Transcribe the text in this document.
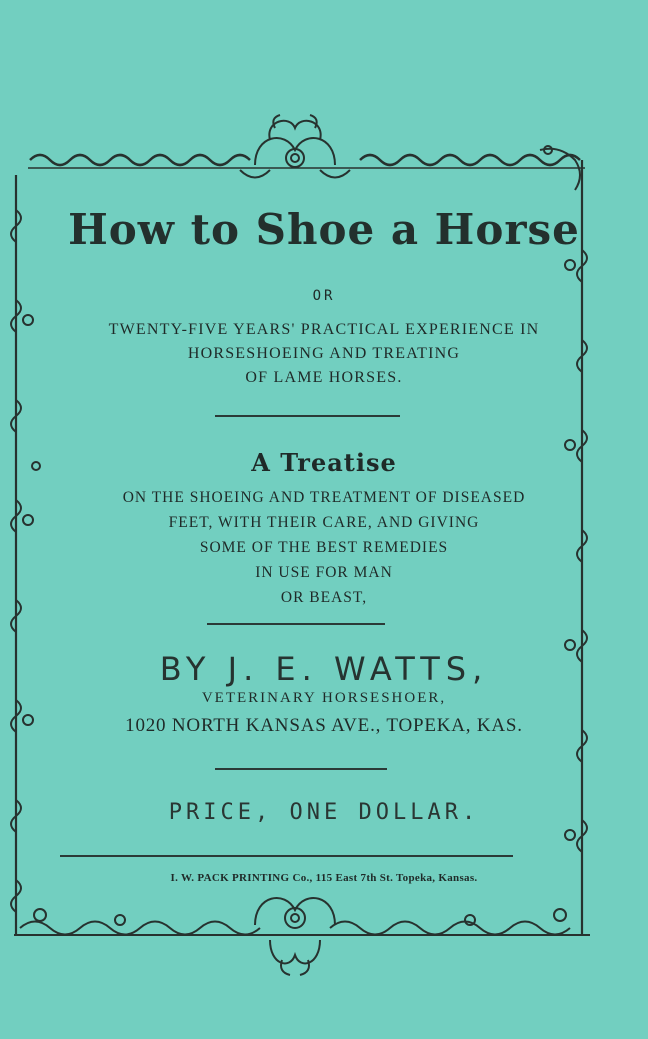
How to Shoe a Horse
OR
TWENTY-FIVE YEARS' PRACTICAL EXPERIENCE IN
HORSESHOEING AND TREATING
OF LAME HORSES.
A Treatise
ON THE SHOEING AND TREATMENT OF DISEASED
FEET, WITH THEIR CARE, AND GIVING
SOME OF THE BEST REMEDIES
IN USE FOR MAN
OR BEAST,
BY J. E. WATTS,
VETERINARY HORSESHOER,
1020 NORTH KANSAS AVE., TOPEKA, KAS.
PRICE, ONE DOLLAR.
I. W. PACK PRINTING Co., 115 East 7th St. Topeka, Kansas.
